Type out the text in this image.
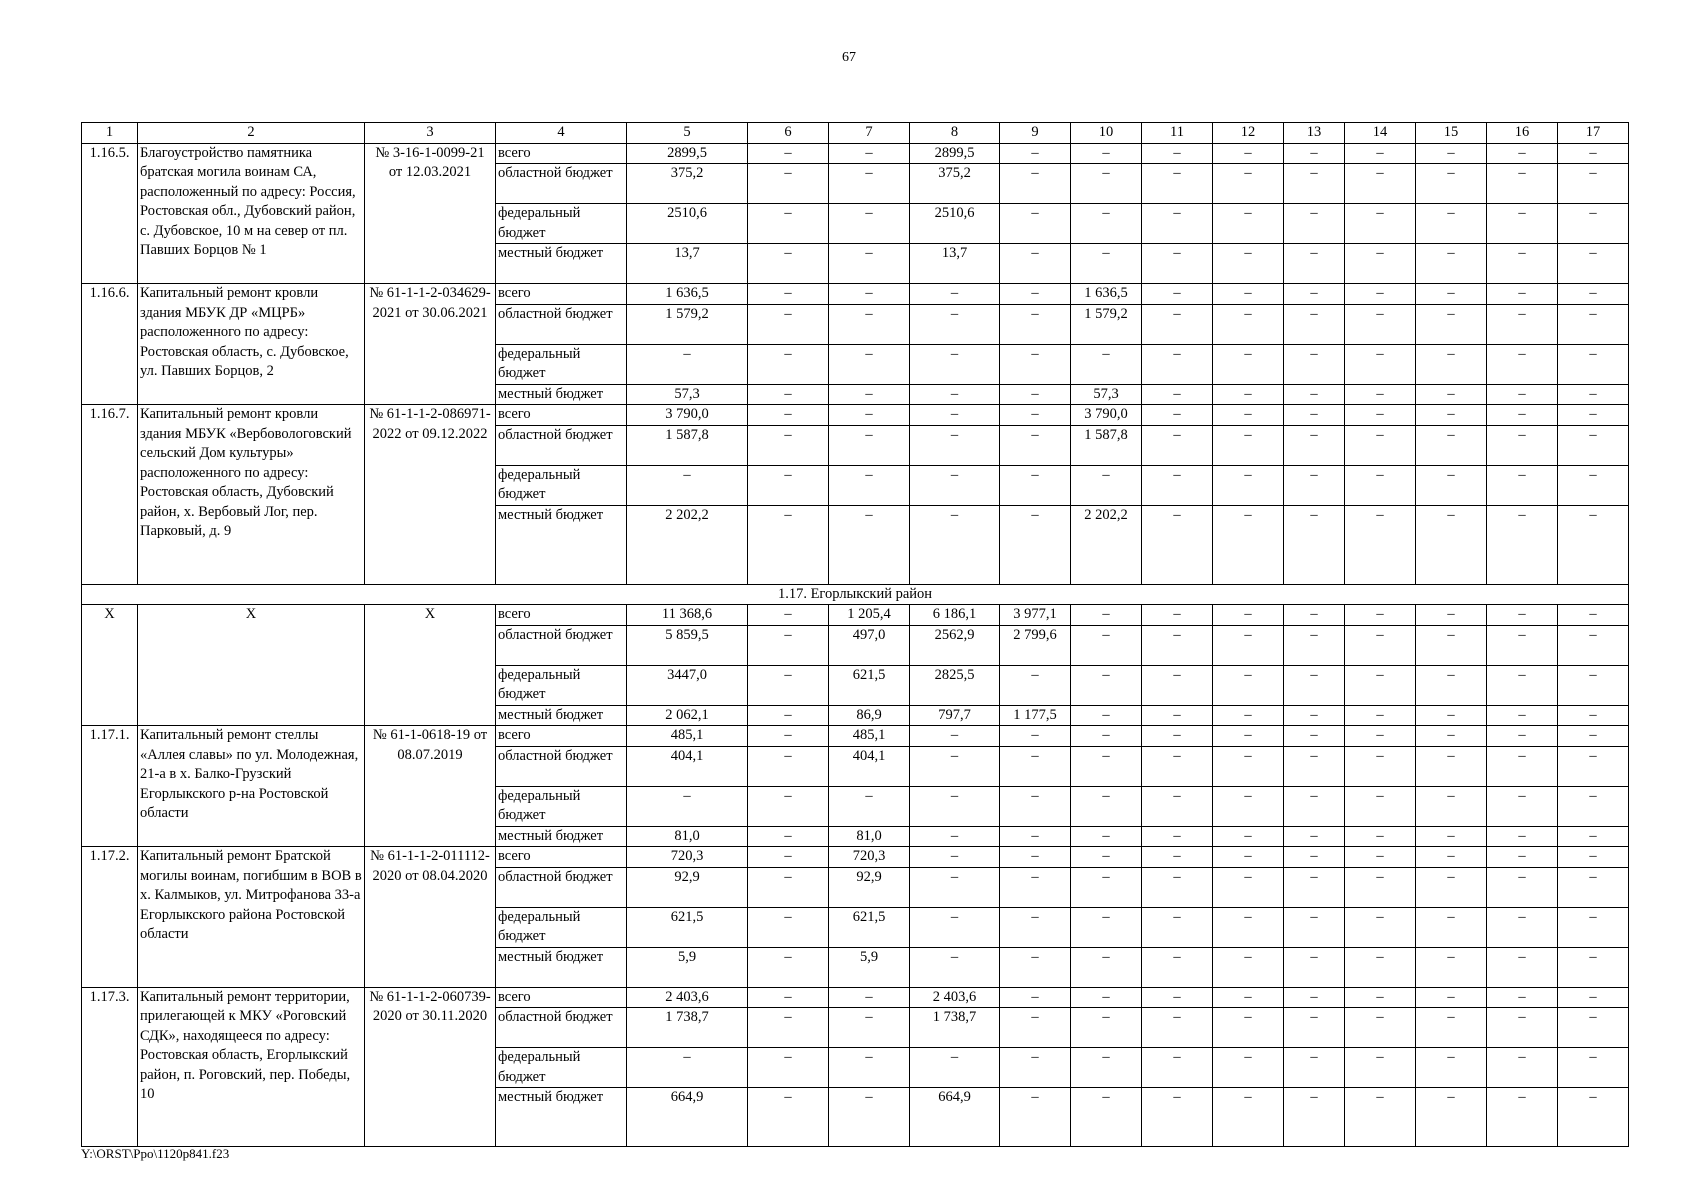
67
1	2	3	4	5	6	7	8	9	10	11	12	13	14	15	16	17
1.16.5.	Благоустройство памятника братская могила воинам СА, расположенный по адресу: Россия, Ростовская обл., Дубовский район, с. Дубовское, 10 м на север от пл. Павших Борцов № 1	№ 3-16-1-0099-21 от 12.03.2021	всего	2899,5	–	–	2899,5	–	–	–	–	–	–	–	–	–
			областной бюджет	375,2	–	–	375,2	–	–	–	–	–	–	–	–	–
			федеральный бюджет	2510,6	–	–	2510,6	–	–	–	–	–	–	–	–	–
			местный бюджет	13,7	–	–	13,7	–	–	–	–	–	–	–	–	–
1.16.6.	Капитальный ремонт кровли здания МБУК ДР «МЦРБ» расположенного по адресу: Ростовская область, с. Дубовское, ул. Павших Борцов, 2	№ 61-1-1-2-034629-2021 от 30.06.2021	всего	1 636,5	–	–	–	–	1 636,5	–	–	–	–	–	–	–
			областной бюджет	1 579,2	–	–	–	–	1 579,2	–	–	–	–	–	–	–
			федеральный бюджет	–	–	–	–	–	–	–	–	–	–	–	–	–
			местный бюджет	57,3	–	–	–	–	57,3	–	–	–	–	–	–	–
1.16.7.	Капитальный ремонт кровли здания МБУК «Вербовологовский сельский Дом культуры» расположенного по адресу: Ростовская область, Дубовский район, х. Вербовый Лог, пер. Парковый, д. 9	№ 61-1-1-2-086971-2022 от 09.12.2022	всего	3 790,0	–	–	–	–	3 790,0	–	–	–	–	–	–	–
			областной бюджет	1 587,8	–	–	–	–	1 587,8	–	–	–	–	–	–	–
			федеральный бюджет	–	–	–	–	–	–	–	–	–	–	–	–	–
			местный бюджет	2 202,2	–	–	–	–	2 202,2	–	–	–	–	–	–	–
1.17. Егорлыкский район																
Х	Х	Х	всего	11 368,6	–	1 205,4	6 186,1	3 977,1	–	–	–	–	–	–	–	–
			областной бюджет	5 859,5	–	497,0	2562,9	2 799,6	–	–	–	–	–	–	–	–
			федеральный бюджет	3447,0	–	621,5	2825,5	–	–	–	–	–	–	–	–	–
			местный бюджет	2 062,1	–	86,9	797,7	1 177,5	–	–	–	–	–	–	–	–
1.17.1.	Капитальный ремонт стеллы «Аллея славы» по ул. Молодежная, 21-а в х. Балко-Грузский Егорлыкского р-на Ростовской области	№ 61-1-0618-19 от 08.07.2019	всего	485,1	–	485,1	–	–	–	–	–	–	–	–	–	–
			областной бюджет	404,1	–	404,1	–	–	–	–	–	–	–	–	–	–
			федеральный бюджет	–	–	–	–	–	–	–	–	–	–	–	–	–
			местный бюджет	81,0	–	81,0	–	–	–	–	–	–	–	–	–	–
1.17.2.	Капитальный ремонт Братской могилы воинам, погибшим в ВОВ в х. Калмыков, ул. Митрофанова 33-а Егорлыкского района Ростовской области	№ 61-1-1-2-011112-2020 от 08.04.2020	всего	720,3	–	720,3	–	–	–	–	–	–	–	–	–	–
			областной бюджет	92,9	–	92,9	–	–	–	–	–	–	–	–	–	–
			федеральный бюджет	621,5	–	621,5	–	–	–	–	–	–	–	–	–	–
			местный бюджет	5,9	–	5,9	–	–	–	–	–	–	–	–	–	–
1.17.3.	Капитальный ремонт территории, прилегающей к МКУ «Роговский СДК», находящееся по адресу: Ростовская область, Егорлыкский район, п. Роговский, пер. Победы, 10	№ 61-1-1-2-060739-2020 от 30.11.2020	всего	2 403,6	–	–	2 403,6	–	–	–	–	–	–	–	–	–
			областной бюджет	1 738,7	–	–	1 738,7	–	–	–	–	–	–	–	–	–
			федеральный бюджет	–	–	–	–	–	–	–	–	–	–	–	–	–
			местный бюджет	664,9	–	–	664,9	–	–	–	–	–	–	–	–	–
Y:\ORST\Ppo\1120p841.f23
